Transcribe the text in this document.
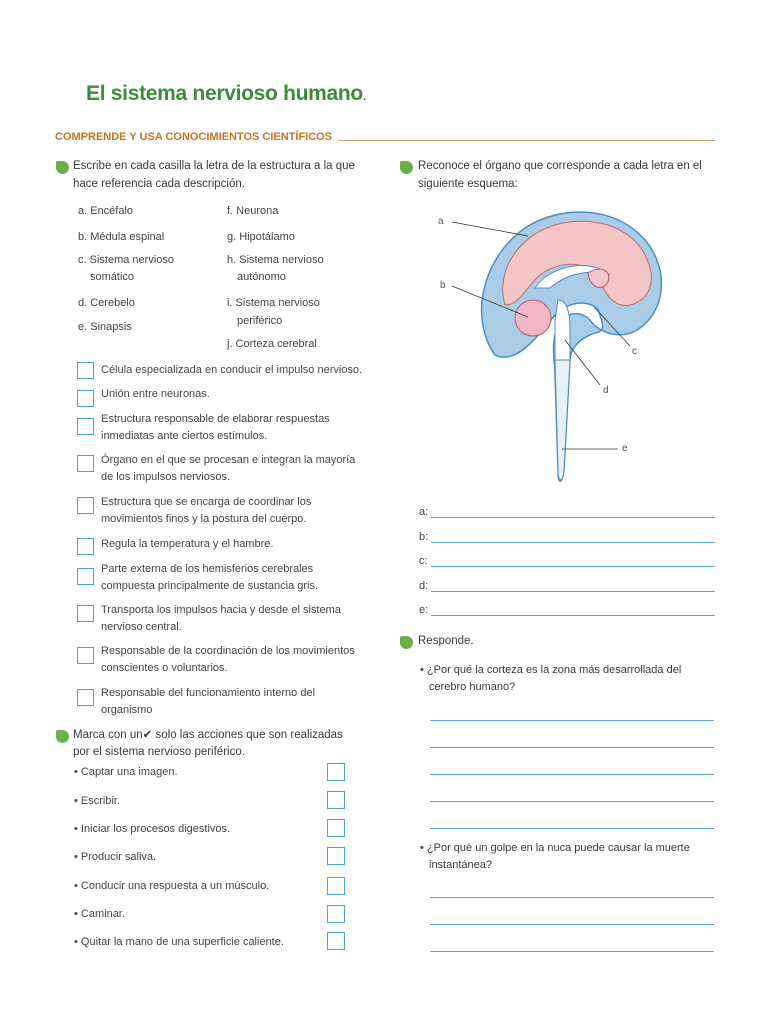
El sistema nervioso humano.
COMPRENDE Y USA CONOCIMIENTOS CIENTÍFICOS
Escribe en cada casilla la letra de la estructura a la que
hace referencia cada descripción.
a. Encéfalo
b. Médula espinal
c. Sistema nervioso
somático
d. Cerebelo
e. Sinapsis
f. Neurona
g. Hipotálamo
h. Sistema nervioso
autónomo
i. Sistema nervioso
periférico
j. Corteza cerebral
Célula especializada en conducir el impulso nervioso.
Unión entre neuronas.
Estructura responsable de elaborar respuestas
inmediatas ante ciertos estímulos.
Órgano en el que se procesan e integran la mayoría
de los impulsos nerviosos.
Estructura que se encarga de coordinar los
movimientos finos y la postura del cuerpo.
Regula la temperatura y el hambre.
Parte externa de los hemisferios cerebrales
compuesta principalmente de sustancia gris.
Transporta los impulsos hacia y desde el sistema
nervioso central.
Responsable de la coordinación de los movimientos
conscientes o voluntarios.
Responsable del funcionamiento interno del
organismo
Marca con un✔ solo las acciones que son realizadas
por el sistema nervioso periférico.
• Captar una imagen.
• Escribir.
• Iniciar los procesos digestivos.
• Producir saliva.
• Conducir una respuesta a un músculo.
• Caminar.
• Quitar la mano de una superficie caliente.
Reconoce el órgano que corresponde a cada letra en el
siguiente esquema:
a
b
c
d
e
a:
b:
c:
d:
e:
Responde.
• ¿Por qué la corteza es la zona más desarrollada del
cerebro humano?
• ¿Por qué un golpe en la nuca puede causar la muerte
instantánea?
